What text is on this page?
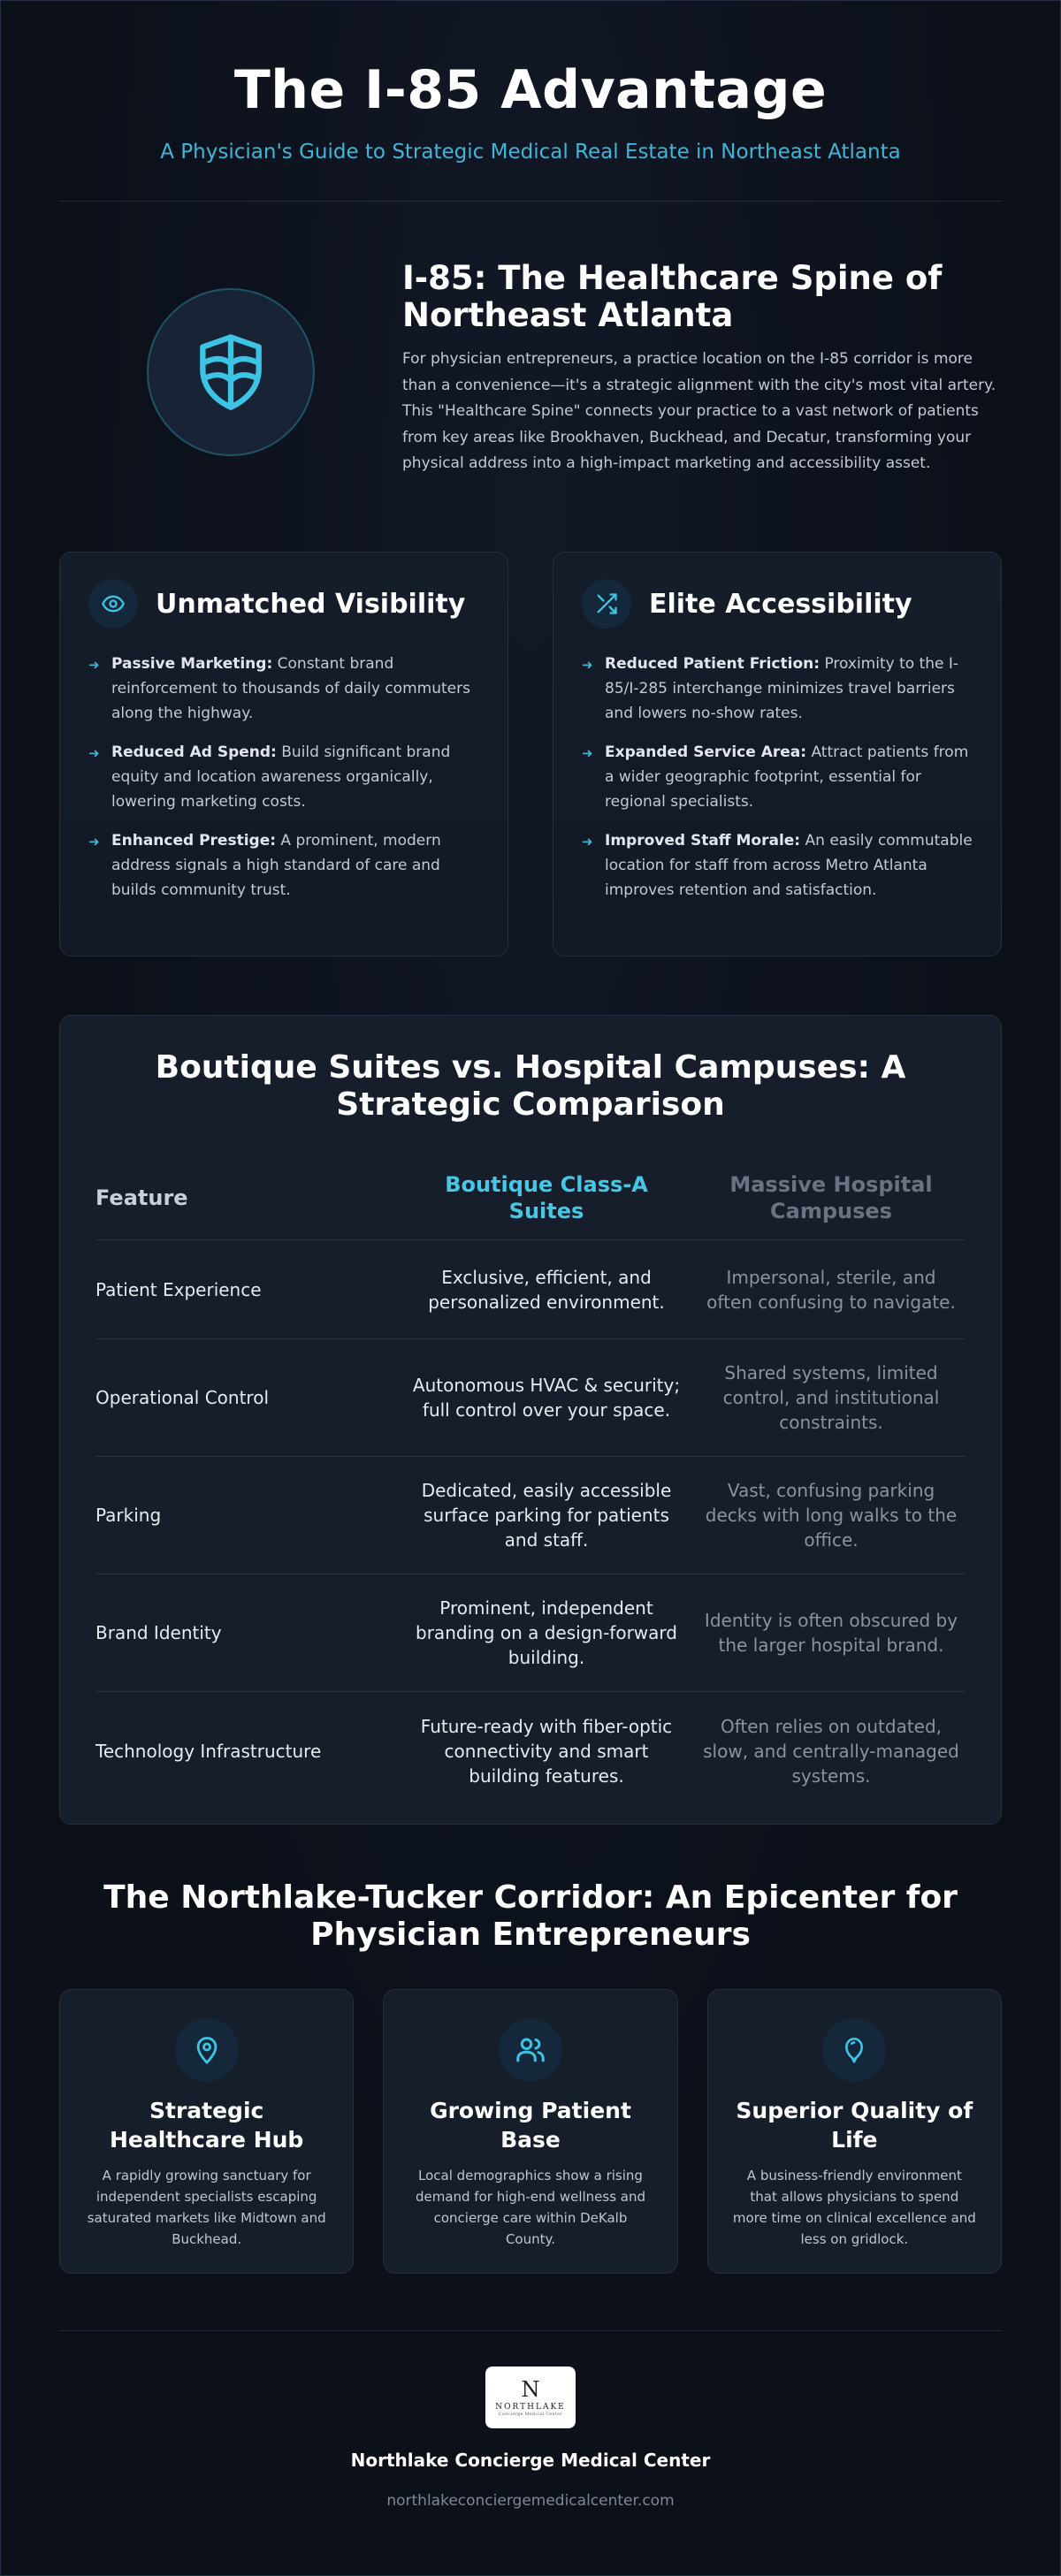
The I-85 Advantage

A Physician's Guide to Strategic Medical Real Estate in Northeast Atlanta

I-85: The Healthcare Spine of Northeast Atlanta

For physician entrepreneurs, a practice location on the I-85 corridor is more than a convenience—it's a strategic alignment with the city's most vital artery. This "Healthcare Spine" connects your practice to a vast network of patients from key areas like Brookhaven, Buckhead, and Decatur, transforming your physical address into a high-impact marketing and accessibility asset.

Unmatched Visibility
➜ Passive Marketing: Constant brand reinforcement to thousands of daily commuters along the highway.
➜ Reduced Ad Spend: Build significant brand equity and location awareness organically, lowering marketing costs.
➜ Enhanced Prestige: A prominent, modern address signals a high standard of care and builds community trust.
Elite Accessibility
➜ Reduced Patient Friction: Proximity to the I-85/I-285 interchange minimizes travel barriers and lowers no-show rates.
➜ Expanded Service Area: Attract patients from a wider geographic footprint, essential for regional specialists.
➜ Improved Staff Morale: An easily commutable location for staff from across Metro Atlanta improves retention and satisfaction.
Boutique Suites vs. Hospital Campuses: A Strategic Comparison
Feature
Boutique Class-A Suites
Massive Hospital Campuses
Patient Experience
Exclusive, efficient, and personalized environment.
Impersonal, sterile, and often confusing to navigate.
Operational Control
Autonomous HVAC & security; full control over your space.
Shared systems, limited control, and institutional constraints.
Parking
Dedicated, easily accessible surface parking for patients and staff.
Vast, confusing parking decks with long walks to the office.
Brand Identity
Prominent, independent branding on a design-forward building.
Identity is often obscured by the larger hospital brand.
Technology Infrastructure
Future-ready with fiber-optic connectivity and smart building features.
Often relies on outdated, slow, and centrally-managed systems.
The Northlake-Tucker Corridor: An Epicenter for Physician Entrepreneurs
Strategic Healthcare Hub

A rapidly growing sanctuary for independent specialists escaping saturated markets like Midtown and Buckhead.

Growing Patient Base

Local demographics show a rising demand for high-end wellness and concierge care within DeKalb County.

Superior Quality of Life

A business-friendly environment that allows physicians to spend more time on clinical excellence and less on gridlock.

N
NORTHLAKE
Concierge Medical Center
Northlake Concierge Medical Center
northlakeconciergemedicalcenter.com
